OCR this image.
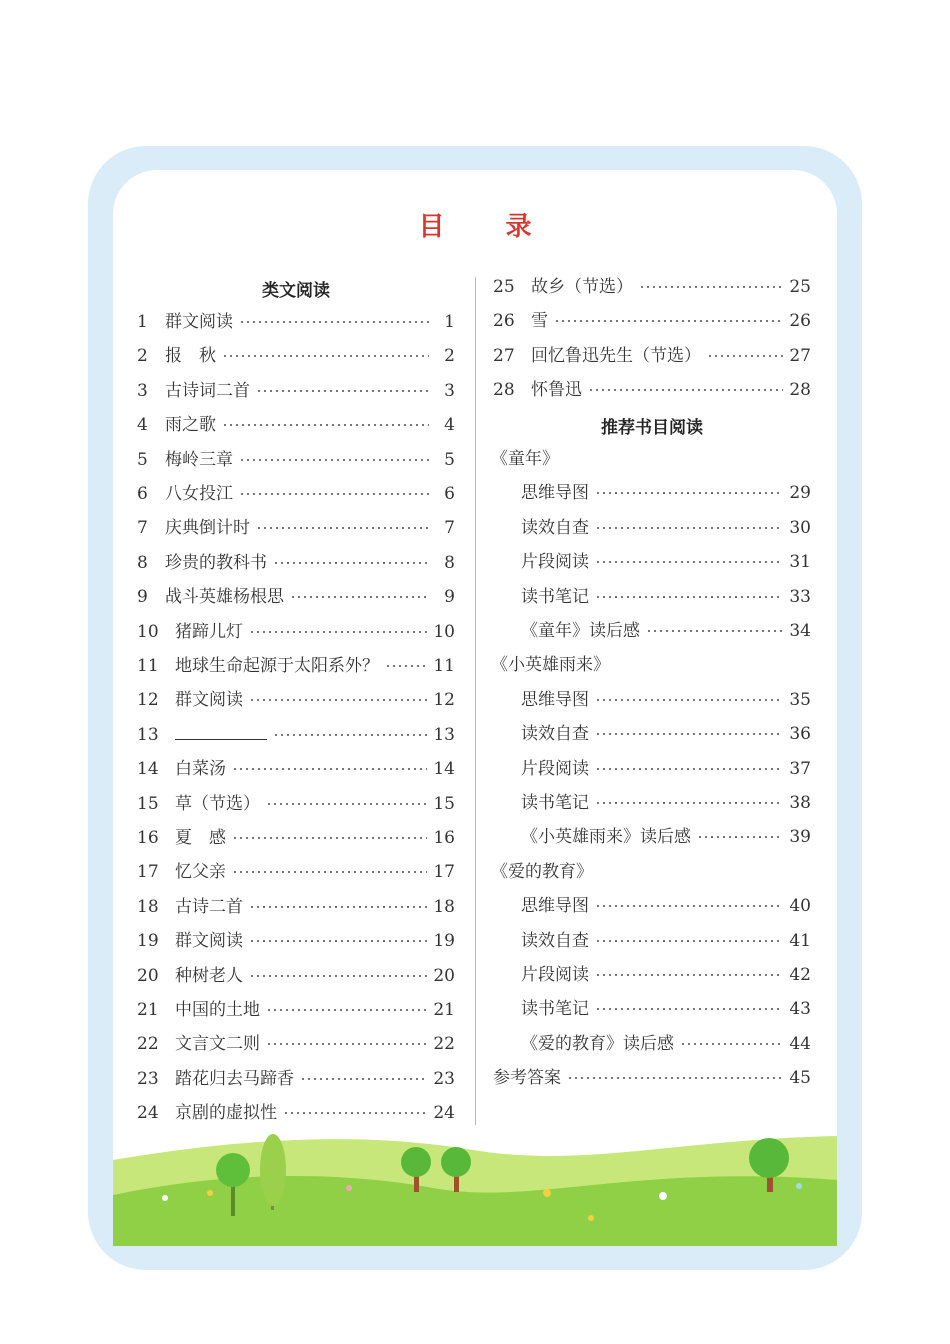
目 录
类文阅读
1	群文阅读	1
2	报　秋	2
3	古诗词二首	3
4	雨之歌	4
5	梅岭三章	5
6	八女投江	6
7	庆典倒计时	7
8	珍贵的教科书	8
9	战斗英雄杨根思	9
10 猪蹄儿灯	10
11 地球生命起源于太阳系外？	11
12 群文阅读	12
13	13
14 白菜汤	14
15 草（节选）	15
16 夏　感	16
17 忆父亲	17
18 古诗二首	18
19 群文阅读	19
20 种树老人	20
21 中国的土地	21
22 文言文二则	22
23 踏花归去马蹄香	23
24 京剧的虚拟性	24
25 故乡（节选）	25
26 雪	26
27 回忆鲁迅先生（节选）	27
28 怀鲁迅	28
推荐书目阅读
《童年》
思维导图	29
读效自查	30
片段阅读	31
读书笔记	33
《童年》读后感	34
《小英雄雨来》
思维导图	35
读效自查	36
片段阅读	37
读书笔记	38
《小英雄雨来》读后感	39
《爱的教育》
思维导图	40
读效自查	41
片段阅读	42
读书笔记	43
《爱的教育》读后感	44
参考答案	45
